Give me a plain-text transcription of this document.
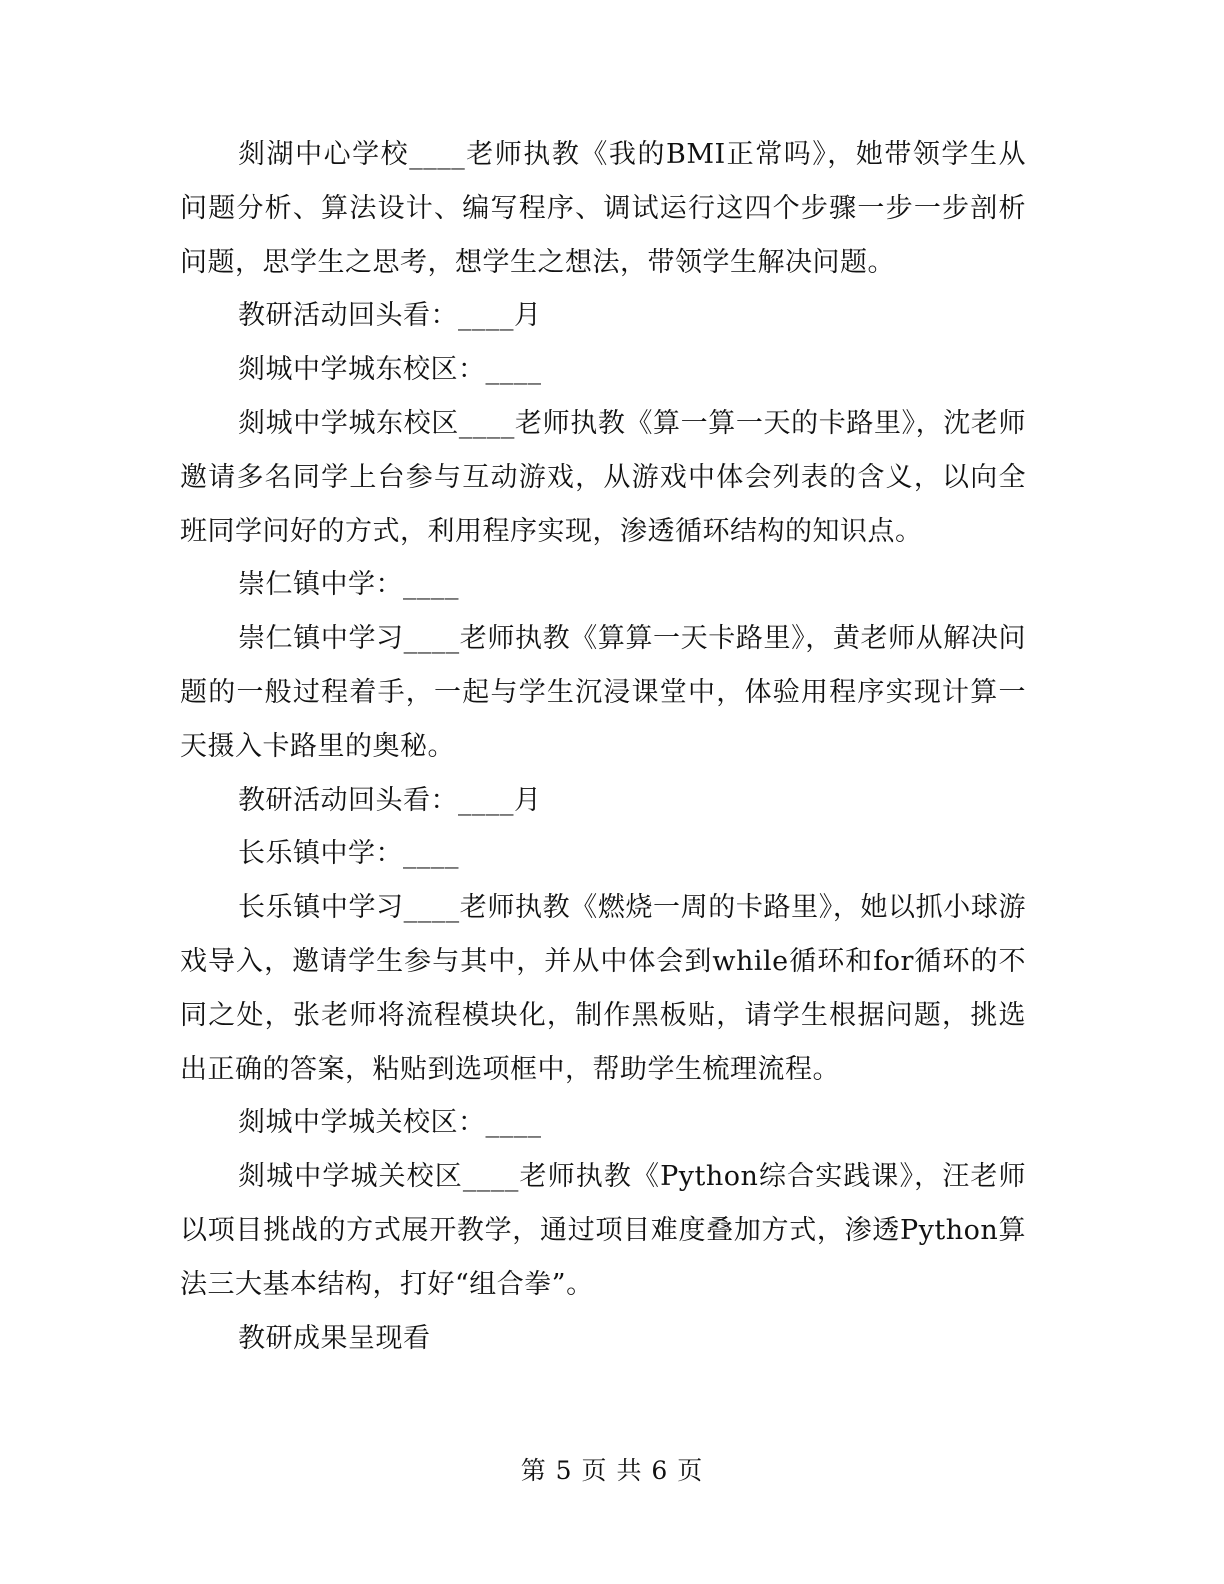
剡湖中心学校____老师执教《我的BMI正常吗》，她带领学生从问题分析、算法设计、编写程序、调试运行这四个步骤一步一步剖析问题，思学生之思考，想学生之想法，带领学生解决问题。

教研活动回头看：____月

剡城中学城东校区：____

剡城中学城东校区____老师执教《算一算一天的卡路里》，沈老师邀请多名同学上台参与互动游戏，从游戏中体会列表的含义，以向全班同学问好的方式，利用程序实现，渗透循环结构的知识点。

崇仁镇中学：____

崇仁镇中学习____老师执教《算算一天卡路里》，黄老师从解决问题的一般过程着手，一起与学生沉浸课堂中，体验用程序实现计算一天摄入卡路里的奥秘。

教研活动回头看：____月

长乐镇中学：____

长乐镇中学习____老师执教《燃烧一周的卡路里》，她以抓小球游戏导入，邀请学生参与其中，并从中体会到while循环和for循环的不同之处，张老师将流程模块化，制作黑板贴，请学生根据问题，挑选出正确的答案，粘贴到选项框中，帮助学生梳理流程。

剡城中学城关校区：____

剡城中学城关校区____老师执教《Python综合实践课》，汪老师以项目挑战的方式展开教学，通过项目难度叠加方式，渗透Python算法三大基本结构，打好“组合拳”。

教研成果呈现看

第 5 页 共 6 页
